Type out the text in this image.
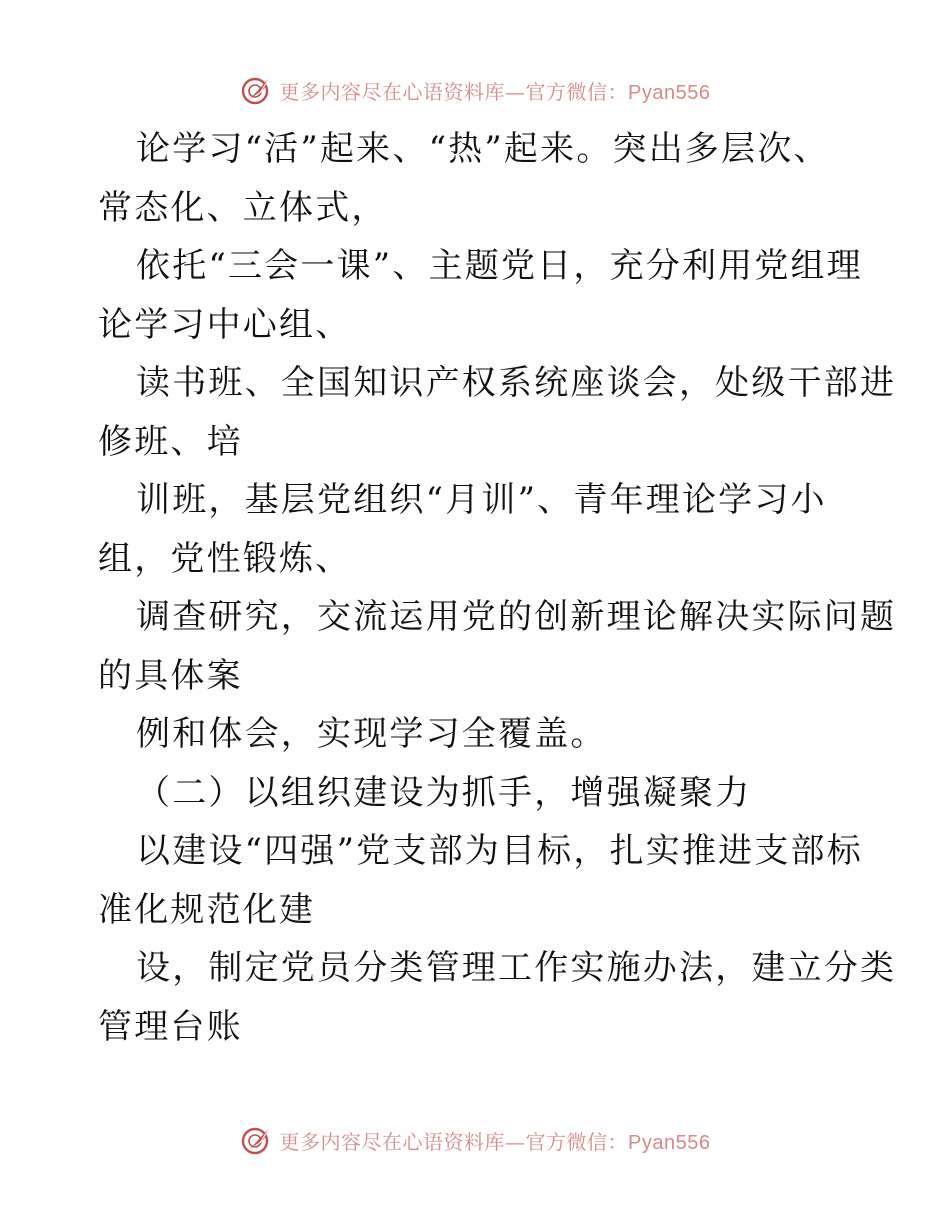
更多内容尽在心语资料库—官方微信：Pyan556
论学习“活”起来、“热”起来。突出多层次、
常态化、立体式，
依托“三会一课”、主题党日，充分利用党组理
论学习中心组、
读书班、全国知识产权系统座谈会，处级干部进
修班、培
训班，基层党组织“月训”、青年理论学习小
组，党性锻炼、
调查研究，交流运用党的创新理论解决实际问题
的具体案
例和体会，实现学习全覆盖。
（二）以组织建设为抓手，增强凝聚力
以建设“四强”党支部为目标，扎实推进支部标
准化规范化建
设，制定党员分类管理工作实施办法，建立分类
管理台账
更多内容尽在心语资料库—官方微信：Pyan556
